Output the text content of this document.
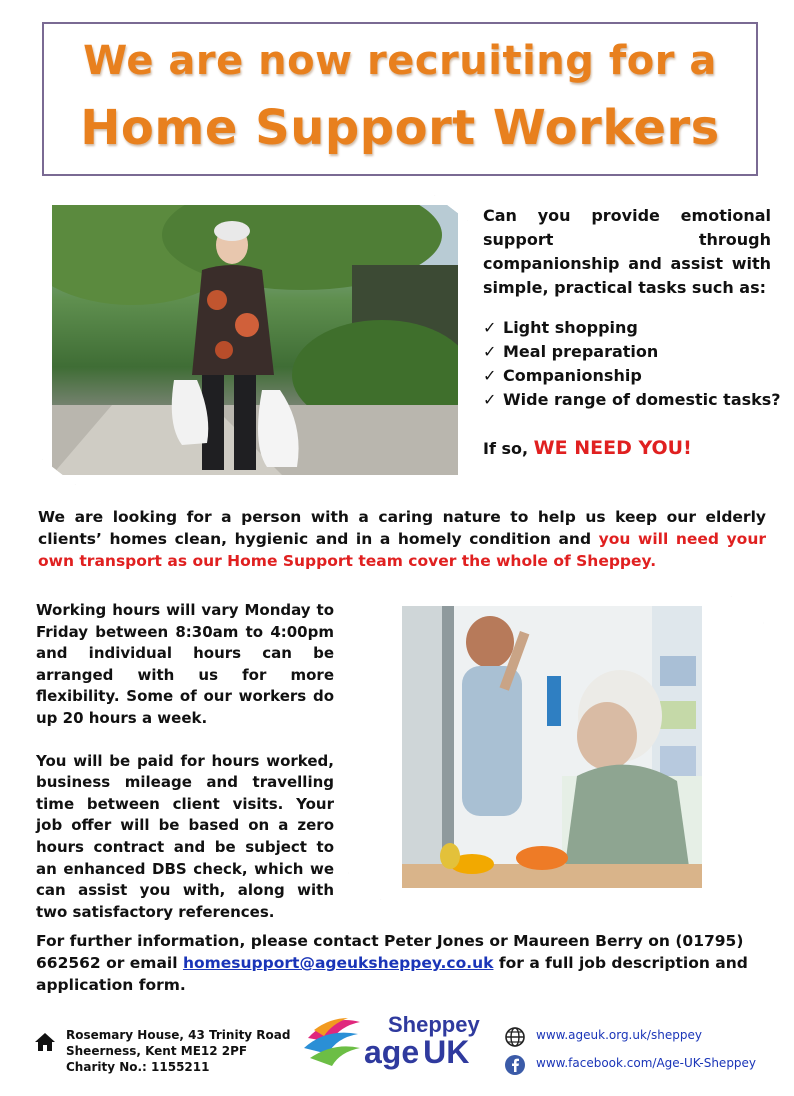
We are now recruiting for a
Home Support Workers
Can you provide emotional support through companionship and assist with simple, practical tasks such as:
✓ Light shopping
✓ Meal preparation
✓ Companionship
✓ Wide range of domestic tasks?
If so, WE NEED YOU!
We are looking for a person with a caring nature to help us keep our elderly clients’ homes clean, hygienic and in a homely condition and you will need your own transport as our Home Support team cover the whole of Sheppey.

Working hours will vary Monday to Friday between 8:30am to 4:00pm and individual hours can be arranged with us for more flexibility. Some of our workers do up 20 hours a week.

You will be paid for hours worked, business mileage and travelling time between client visits. Your job offer will be based on a zero hours contract and be subject to an enhanced DBS check, which we can assist you with, along with two satisfactory references.

For further information, please contact Peter Jones or Maureen Berry on (01795) 662562 or email homesupport@ageuksheppey.co.uk for a full job description and application form.
Rosemary House, 43 Trinity Road
Sheerness, Kent ME12 2PF
Charity No.: 1155211
Sheppey
age UK	www.ageuk.org.uk/sheppey
www.facebook.com/Age-UK-Sheppey
